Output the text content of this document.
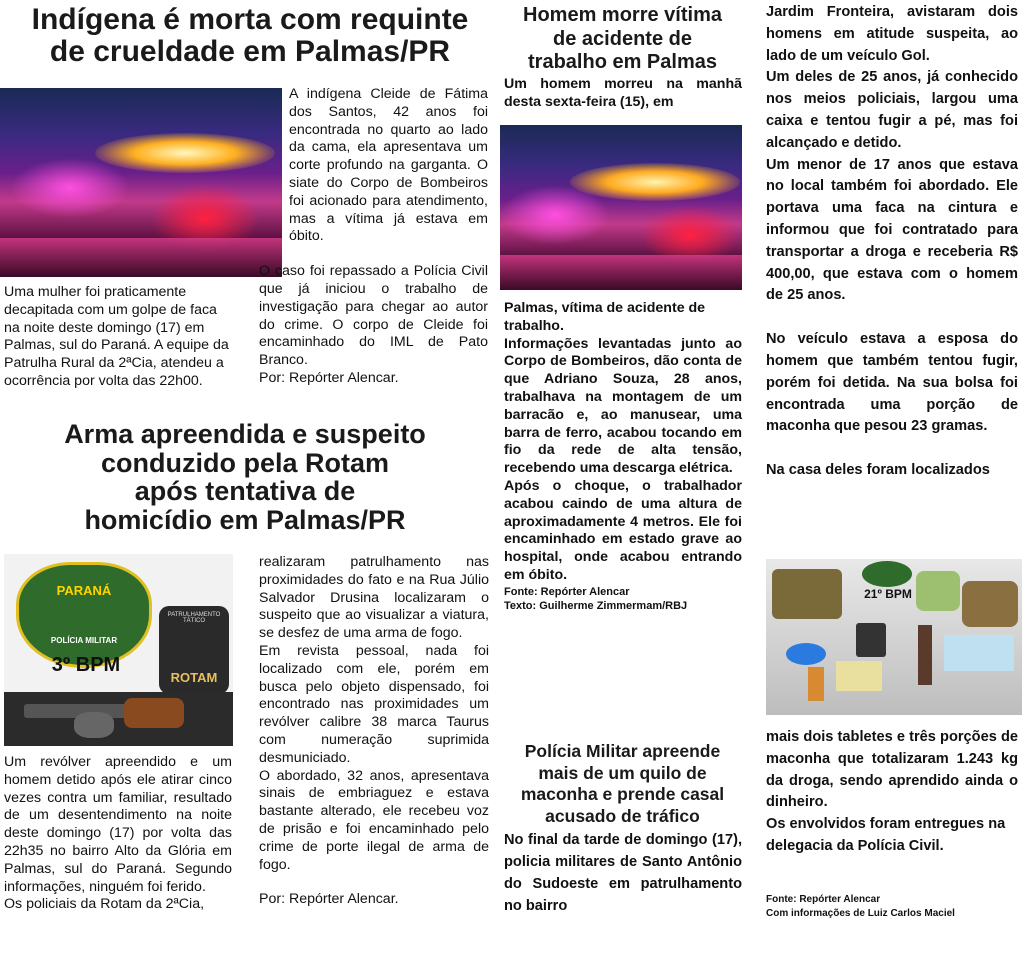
Indígena é morta com requinte
de crueldade em Palmas/PR

Uma mulher foi praticamente decapitada com um golpe de faca na noite deste domingo (17) em Palmas, sul do Paraná. A equipe da Patrulha Rural da 2ªCia, atendeu a ocorrência por volta das 22h00.

A indígena Cleide de Fátima dos Santos, 42 anos foi encontrada no quarto ao lado da cama, ela apresentava um corte profundo na garganta. O siate do Corpo de Bombeiros foi acionado para atendimento, mas a vítima já estava em óbito.

O caso foi repassado a Polícia Civil que já iniciou o trabalho de investigação para chegar ao autor do crime. O corpo de Cleide foi encaminhado do IML de Pato Branco.

Por: Repórter Alencar.

Arma apreendida e suspeito
conduzido pela Rotam
após tentativa de
homicídio em Palmas/PR
PARANÁ
POLÍCIA MILITAR
3º BPM
PATRULHAMENTO TÁTICO
ROTAM

Um revólver apreendido e um homem detido após ele atirar cinco vezes contra um familiar, resultado de um desentendimento na noite deste domingo (17) por volta das 22h35 no bairro Alto da Glória em Palmas, sul do Paraná. Segundo informações, ninguém foi ferido.

Os policiais da Rotam da 2ªCia,

realizaram patrulhamento nas proximidades do fato e na Rua Júlio Salvador Drusina localizaram o suspeito que ao visualizar a viatura, se desfez de uma arma de fogo.

Em revista pessoal, nada foi localizado com ele, porém em busca pelo objeto dispensado, foi encontrado nas proximidades um revólver calibre 38 marca Taurus com numeração suprimida desmuniciado.

O abordado, 32 anos, apresentava sinais de embriaguez e estava bastante alterado, ele recebeu voz de prisão e foi encaminhado pelo crime de porte ilegal de arma de fogo.

Por: Repórter Alencar.

Homem morre vítima
de acidente de
trabalho em Palmas

Um homem morreu na manhã desta sexta-feira (15), em

Palmas, vítima de acidente de trabalho.

Informações levantadas junto ao Corpo de Bombeiros, dão conta de que Adriano Souza, 28 anos, trabalhava na montagem de um barracão e, ao manusear, uma barra de ferro, acabou tocando em fio da rede de alta tensão, recebendo uma descarga elétrica.

Após o choque, o trabalhador acabou caindo de uma altura de aproximadamente 4 metros. Ele foi encaminhado em estado grave ao hospital, onde acabou entrando em óbito.

Fonte: Repórter Alencar

Texto: Guilherme Zimmermam/RBJ

Polícia Militar apreende
mais de um quilo de
maconha e prende casal
acusado de tráfico

No final da tarde de domingo (17), policia militares de Santo Antônio do Sudoeste em patrulhamento no bairro

Jardim Fronteira, avistaram dois homens em atitude suspeita, ao lado de um veículo Gol.

Um deles de 25 anos, já conhecido nos meios policiais, largou uma caixa e tentou fugir a pé, mas foi alcançado e detido.

Um menor de 17 anos que estava no local também foi abordado. Ele portava uma faca na cintura e informou que foi contratado para transportar a droga e receberia R$ 400,00, que estava com o homem de 25 anos.

No veículo estava a esposa do homem que também tentou fugir, porém foi detida. Na sua bolsa foi encontrada uma porção de maconha que pesou 23 gramas.

Na casa deles foram localizados

21º BPM

mais dois tabletes e três porções de maconha que totalizaram 1.243 kg da droga, sendo aprendido ainda o dinheiro.

Os envolvidos foram entregues na delegacia da Polícia Civil.

Fonte: Repórter Alencar

Com informações de Luiz Carlos Maciel
